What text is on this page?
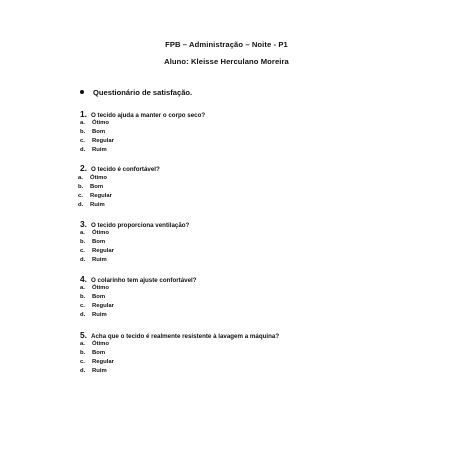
FPB – Administração – Noite - P1
Aluno: Kleisse Herculano Moreira
Questionário de satisfação.
1. O tecido ajuda a manter o corpo seco?
a. Ótimo
b. Bom
c. Regular
d. Ruim
2. O tecido é confortável?
a. Ótimo
b. Bom
c. Regular
d. Ruim
3. O tecido proporciona ventilação?
a. Ótimo
b. Bom
c. Regular
d. Ruim
4. O colarinho tem ajuste confortável?
a. Ótimo
b. Bom
c. Regular
d. Ruim
5. Acha que o tecido é realmente resistente à lavagem a máquina?
a. Ótimo
b. Bom
c. Regular
d. Ruim
